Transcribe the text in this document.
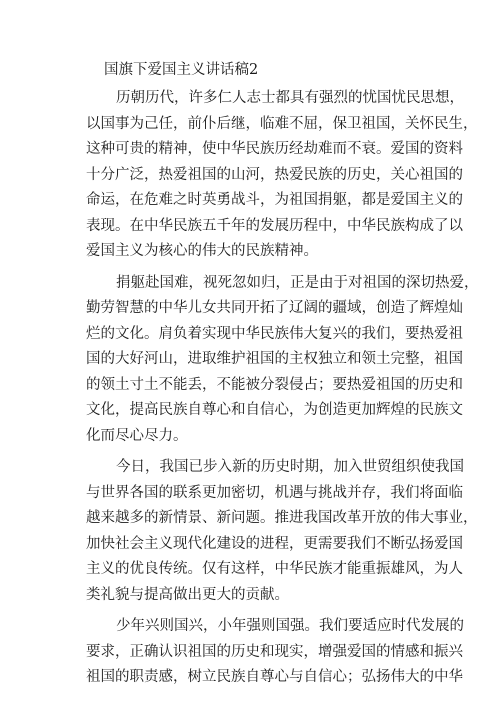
国旗下爱国主义讲话稿2
历朝历代，许多仁人志士都具有强烈的忧国忧民思想，
以国事为己任，前仆后继，临难不屈，保卫祖国，关怀民生，
这种可贵的精神，使中华民族历经劫难而不衰。爱国的资料
十分广泛，热爱祖国的山河，热爱民族的历史，关心祖国的
命运，在危难之时英勇战斗，为祖国捐躯，都是爱国主义的
表现。在中华民族五千年的发展历程中，中华民族构成了以
爱国主义为核心的伟大的民族精神。
捐躯赴国难，视死忽如归，正是由于对祖国的深切热爱，
勤劳智慧的中华儿女共同开拓了辽阔的疆域，创造了辉煌灿
烂的文化。肩负着实现中华民族伟大复兴的我们，要热爱祖
国的大好河山，进取维护祖国的主权独立和领土完整，祖国
的领土寸土不能丢，不能被分裂侵占；要热爱祖国的历史和
文化，提高民族自尊心和自信心，为创造更加辉煌的民族文
化而尽心尽力。
今日，我国已步入新的历史时期，加入世贸组织使我国
与世界各国的联系更加密切，机遇与挑战并存，我们将面临
越来越多的新情景、新问题。推进我国改革开放的伟大事业，
加快社会主义现代化建设的进程，更需要我们不断弘扬爱国
主义的优良传统。仅有这样，中华民族才能重振雄风，为人
类礼貌与提高做出更大的贡献。
少年兴则国兴，小年强则国强。我们要适应时代发展的
要求，正确认识祖国的历史和现实，增强爱国的情感和振兴
祖国的职责感，树立民族自尊心与自信心；弘扬伟大的中华
